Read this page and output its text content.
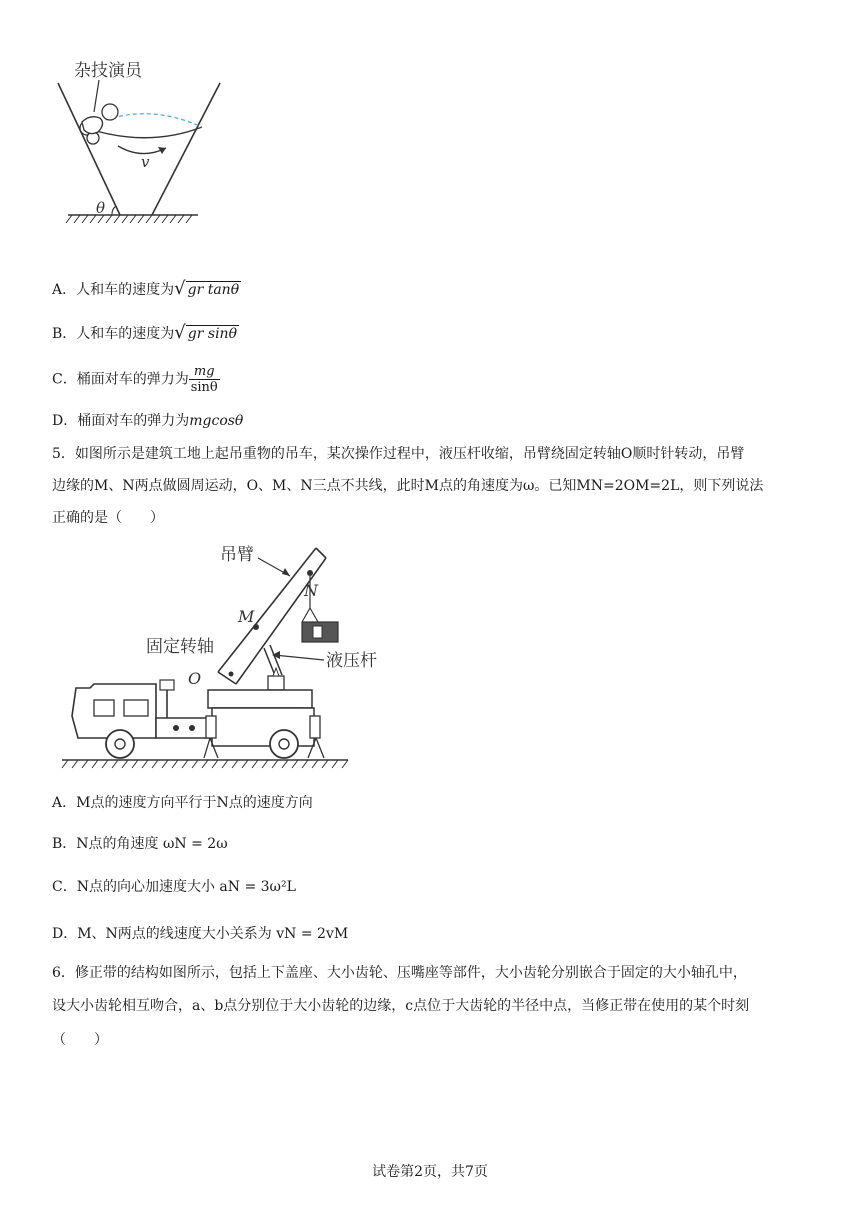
杂技演员
v
θ
A．人和车的速度为√ gr tanθ
B．人和车的速度为√ gr sinθ
C．桶面对车的弹力为 $\frac{mg}{\sin\theta}$
D．桶面对车的弹力为mgcosθ
5．如图所示是建筑工地上起吊重物的吊车，某次操作过程中，液压杆收缩，吊臂绕固定转轴O顺时针转动，吊臂
边缘的M、N两点做圆周运动，O、M、N三点不共线，此时M点的角速度为ω。已知MN=2OM=2L，则下列说法
正确的是（　　）
吊臂
固定转轴
液压杆
O
M
N
A．M点的速度方向平行于N点的速度方向
B．N点的角速度 ωN = 2ω
C．N点的向心加速度大小 aN = 3ω²L
D．M、N两点的线速度大小关系为 vN = 2vM
6．修正带的结构如图所示，包括上下盖座、大小齿轮、压嘴座等部件，大小齿轮分别嵌合于固定的大小轴孔中，
设大小齿轮相互吻合，a、b点分别位于大小齿轮的边缘，c点位于大齿轮的半径中点，当修正带在使用的某个时刻
（　　）
试卷第2页，共7页
